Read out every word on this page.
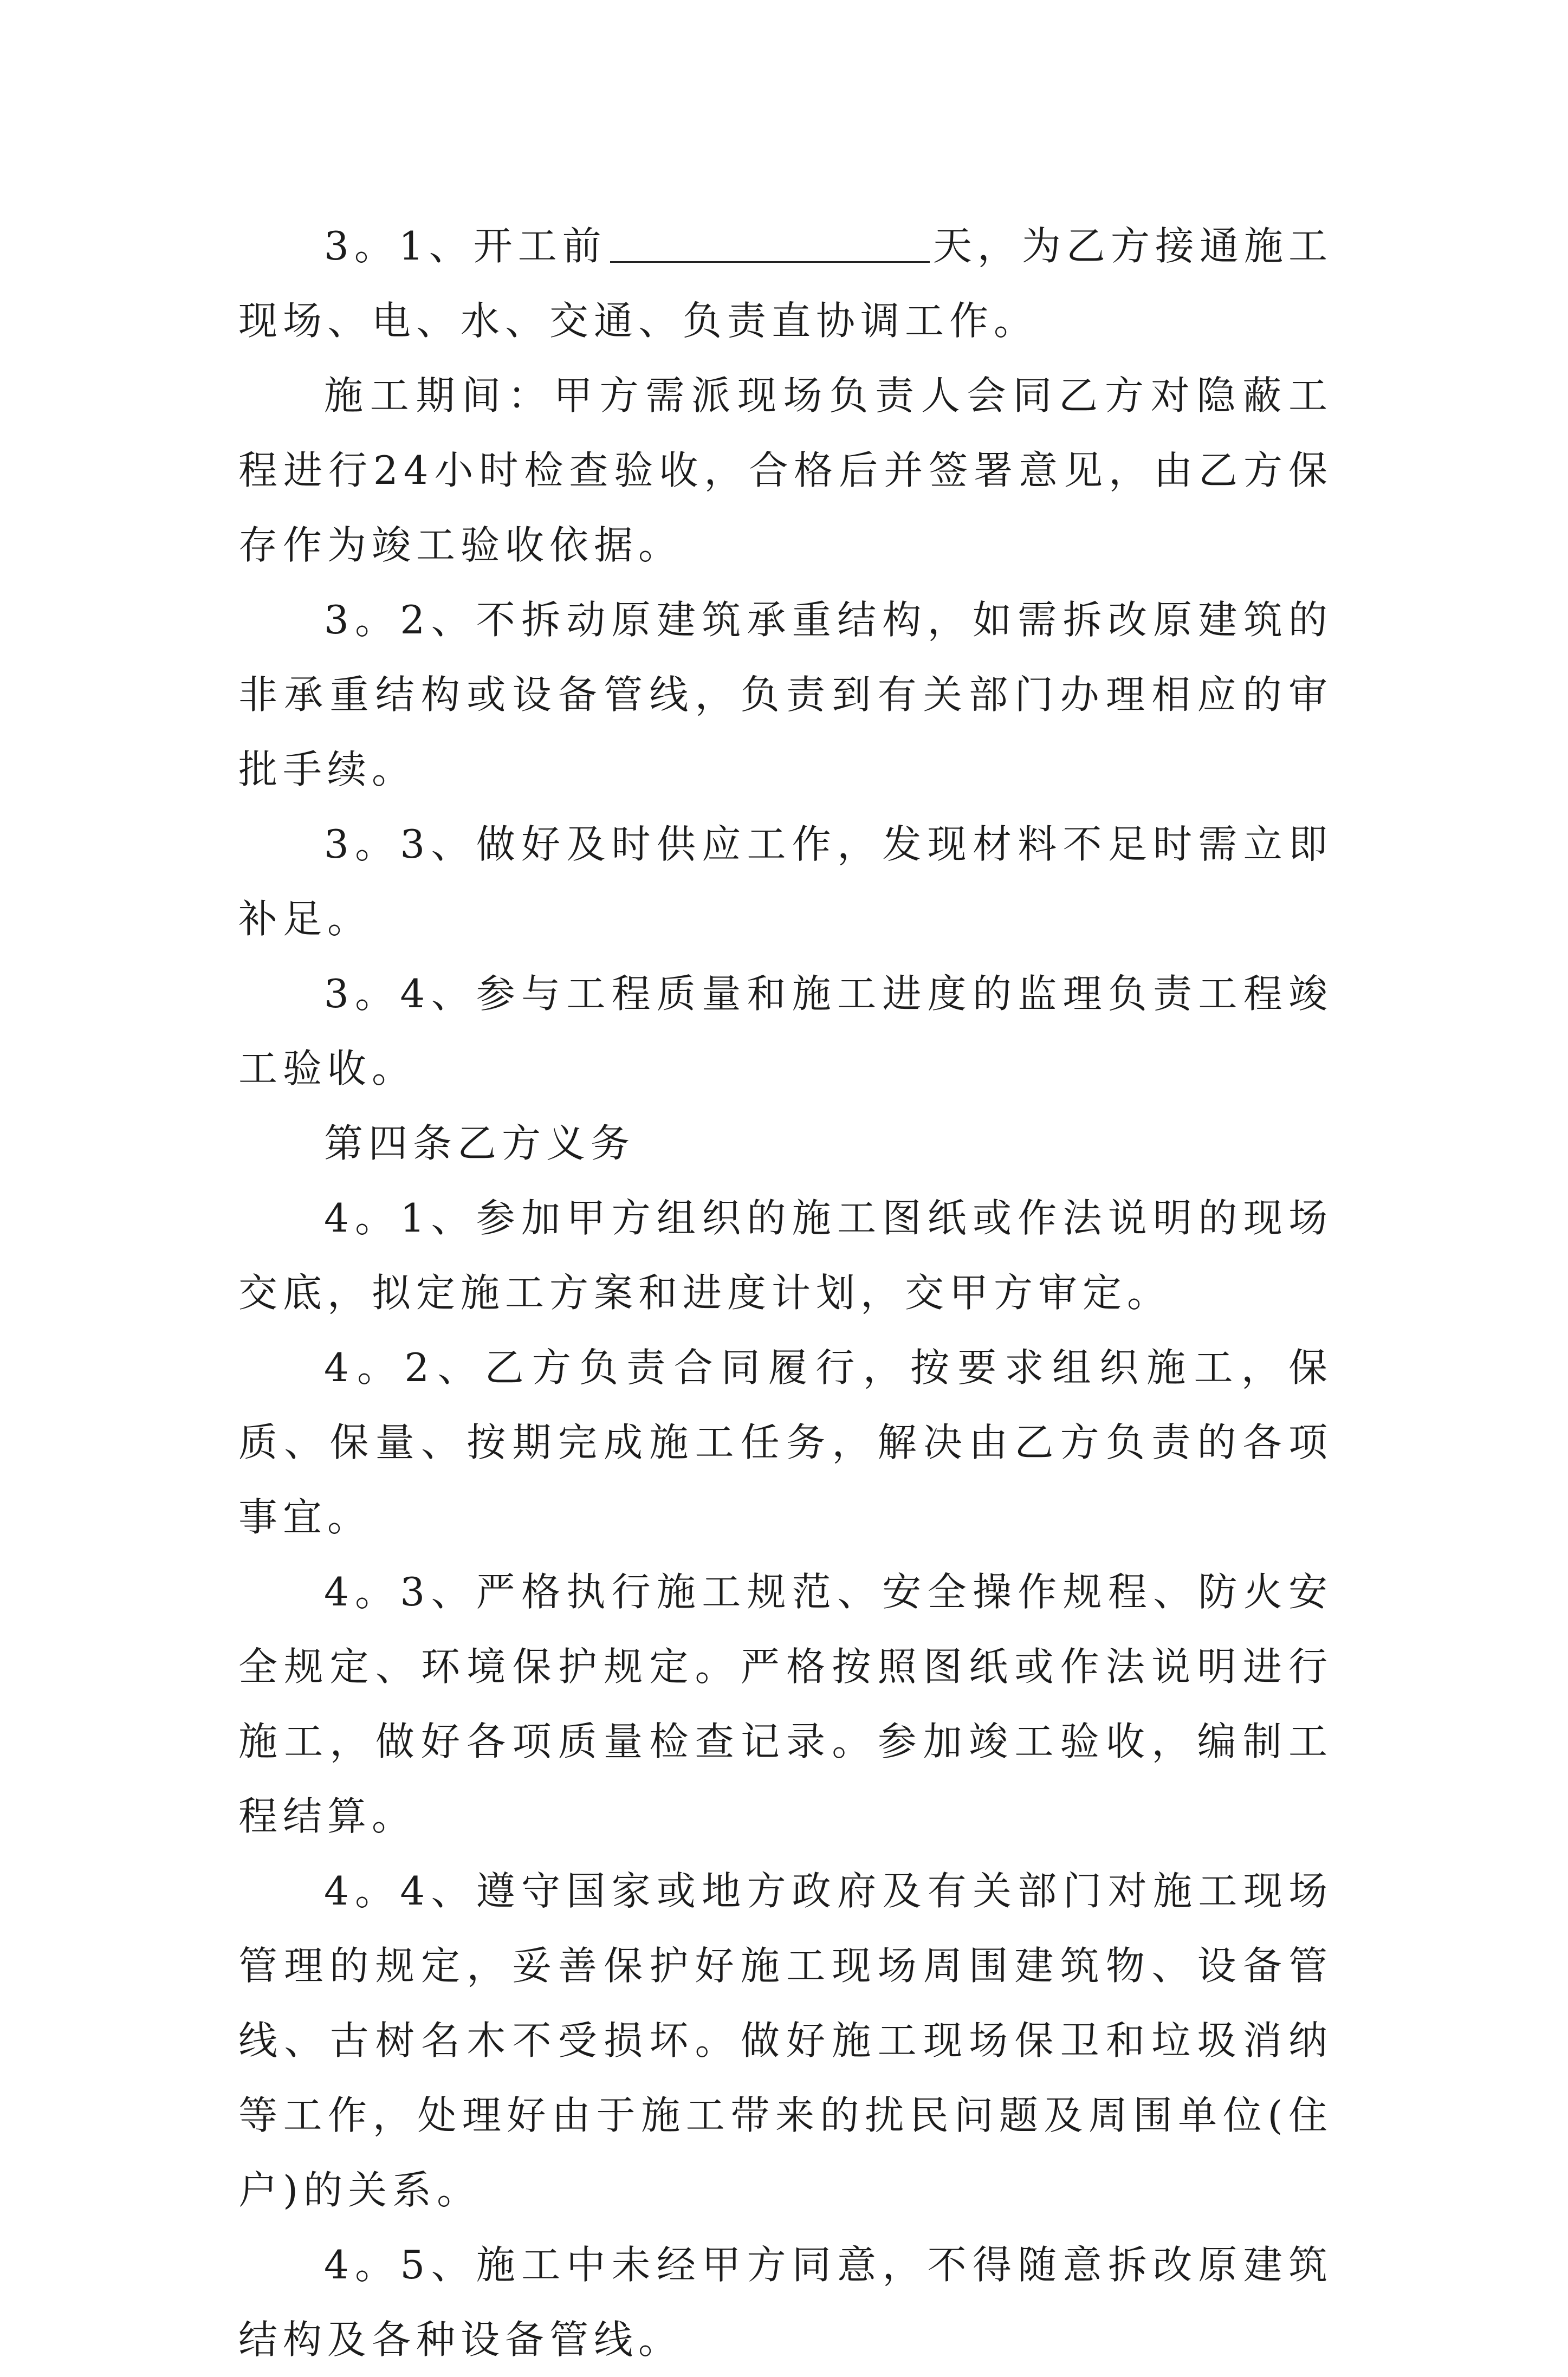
3。1、开工前	天，为乙方接通施工现场、电、水、交通、负责直协调工作。

施工期间：甲方需派现场负责人会同乙方对隐蔽工程进行24小时检查验收，合格后并签署意见，由乙方保存作为竣工验收依据。

3。2、不拆动原建筑承重结构，如需拆改原建筑的非承重结构或设备管线，负责到有关部门办理相应的审批手续。

3。3、做好及时供应工作，发现材料不足时需立即补足。

3。4、参与工程质量和施工进度的监理负责工程竣工验收。

第四条乙方义务

4。1、参加甲方组织的施工图纸或作法说明的现场交底，拟定施工方案和进度计划，交甲方审定。

4。2、乙方负责合同履行，按要求组织施工，保质、保量、按期完成施工任务，解决由乙方负责的各项事宜。

4。3、严格执行施工规范、安全操作规程、防火安全规定、环境保护规定。严格按照图纸或作法说明进行施工，做好各项质量检查记录。参加竣工验收，编制工程结算。

4。4、遵守国家或地方政府及有关部门对施工现场管理的规定，妥善保护好施工现场周围建筑物、设备管线、古树名木不受损坏。做好施工现场保卫和垃圾消纳等工作，处理好由于施工带来的扰民问题及周围单位(住户)的关系。

4。5、施工中未经甲方同意，不得随意拆改原建筑结构及各种设备管线。
